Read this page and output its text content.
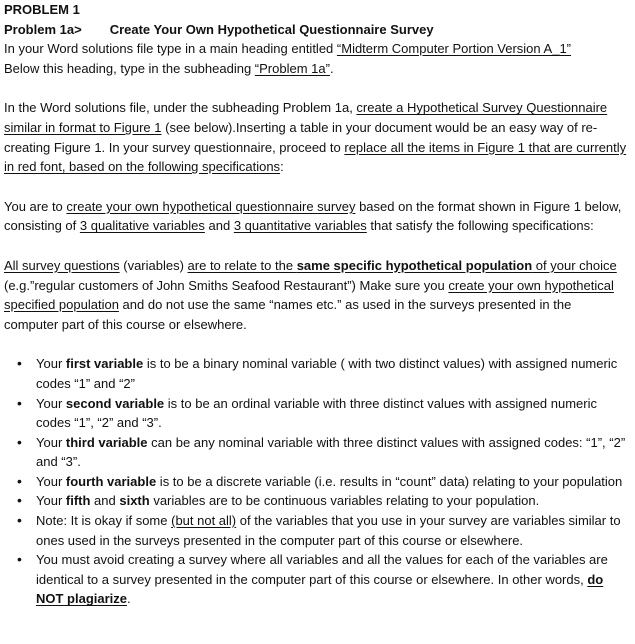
PROBLEM 1

Problem 1a> Create Your Own Hypothetical Questionnaire Survey

In your Word solutions file type in a main heading entitled “Midterm Computer Portion Version A_1”
Below this heading, type in the subheading “Problem 1a”.

In the Word solutions file, under the subheading Problem 1a, create a Hypothetical Survey Questionnaire similar in format to Figure 1 (see below).Inserting a table in your document would be an easy way of re-creating Figure 1. In your survey questionnaire, proceed to replace all the items in Figure 1 that are currently in red font, based on the following specifications:

You are to create your own hypothetical questionnaire survey based on the format shown in Figure 1 below, consisting of 3 qualitative variables and 3 quantitative variables that satisfy the following specifications:

All survey questions (variables) are to relate to the same specific hypothetical population of your choice (e.g.”regular customers of John Smiths Seafood Restaurant”) Make sure you create your own hypothetical specified population and do not use the same “names etc.” as used in the surveys presented in the computer part of this course or elsewhere.

• Your first variable is to be a binary nominal variable ( with two distinct values) with assigned numeric codes “1” and “2”
• Your second variable is to be an ordinal variable with three distinct values with assigned numeric codes “1”, “2” and “3”.
• Your third variable can be any nominal variable with three distinct values with assigned codes: “1”, “2” and “3”.
• Your fourth variable is to be a discrete variable (i.e. results in “count” data) relating to your population
• Your fifth and sixth variables are to be continuous variables relating to your population.
• Note: It is okay if some (but not all) of the variables that you use in your survey are variables similar to ones used in the surveys presented in the computer part of this course or elsewhere.
• You must avoid creating a survey where all variables and all the values for each of the variables are identical to a survey presented in the computer part of this course or elsewhere. In other words, do NOT plagiarize.
